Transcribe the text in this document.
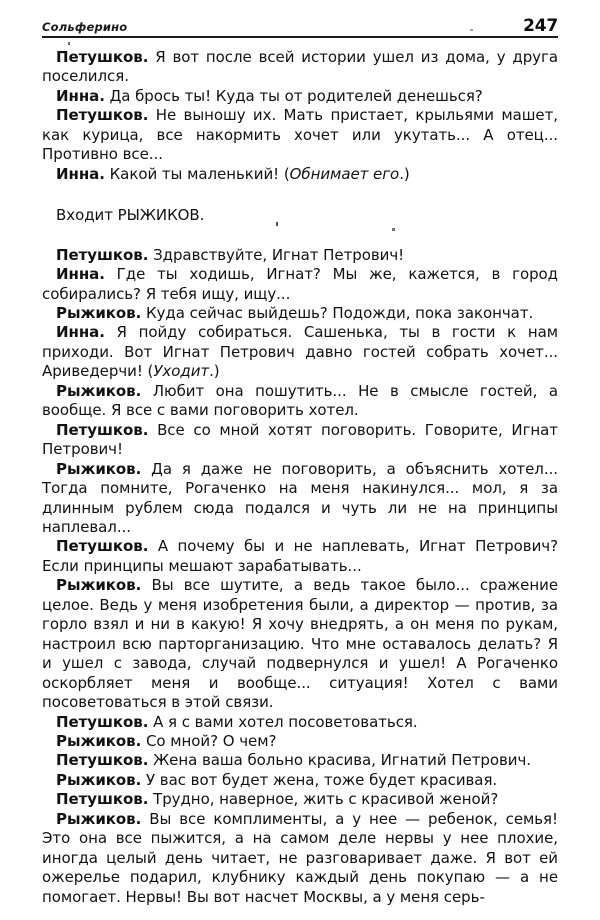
Сольферино	247

Петушков. Я вот после всей истории ушел из дома, у друга поселился.

Инна. Да брось ты! Куда ты от родителей денешься?

Петушков. Не выношу их. Мать пристает, крыльями машет, как курица, все накормить хочет или укутать... А отец... Противно все...

Инна. Какой ты маленький! (Обнимает его.)

Входит РЫЖИКОВ.

Петушков. Здравствуйте, Игнат Петрович!

Инна. Где ты ходишь, Игнат? Мы же, кажется, в город собирались? Я тебя ищу, ищу...

Рыжиков. Куда сейчас выйдешь? Подожди, пока закончат.

Инна. Я пойду собираться. Сашенька, ты в гости к нам приходи. Вот Игнат Петрович давно гостей собрать хочет... Ариведерчи! (Уходит.)

Рыжиков. Любит она пошутить... Не в смысле гостей, а вообще. Я все с вами поговорить хотел.

Петушков. Все со мной хотят поговорить. Говорите, Игнат Петрович!

Рыжиков. Да я даже не поговорить, а объяснить хотел... Тогда помните, Рогаченко на меня накинулся... мол, я за длинным рублем сюда подался и чуть ли не на принципы наплевал...

Петушков. А почему бы и не наплевать, Игнат Петрович? Если принципы мешают зарабатывать...

Рыжиков. Вы все шутите, а ведь такое было... сражение целое. Ведь у меня изобретения были, а директор — против, за горло взял и ни в какую! Я хочу внедрять, а он меня по рукам, настроил всю парторганизацию. Что мне оставалось делать? Я и ушел с завода, случай подвернулся и ушел! А Рогаченко оскорбляет меня и вообще... ситуация! Хотел с вами посоветоваться в этой связи.

Петушков. А я с вами хотел посоветоваться.

Рыжиков. Со мной? О чем?

Петушков. Жена ваша больно красива, Игнатий Петрович.

Рыжиков. У вас вот будет жена, тоже будет красивая.

Петушков. Трудно, наверное, жить с красивой женой?

Рыжиков. Вы все комплименты, а у нее — ребенок, семья! Это она все пыжится, а на самом деле нервы у нее плохие, иногда целый день читает, не разговаривает даже. Я вот ей ожерелье подарил, клубнику каждый день покупаю — а не помогает. Нервы! Вы вот насчет Москвы, а у меня серь-
